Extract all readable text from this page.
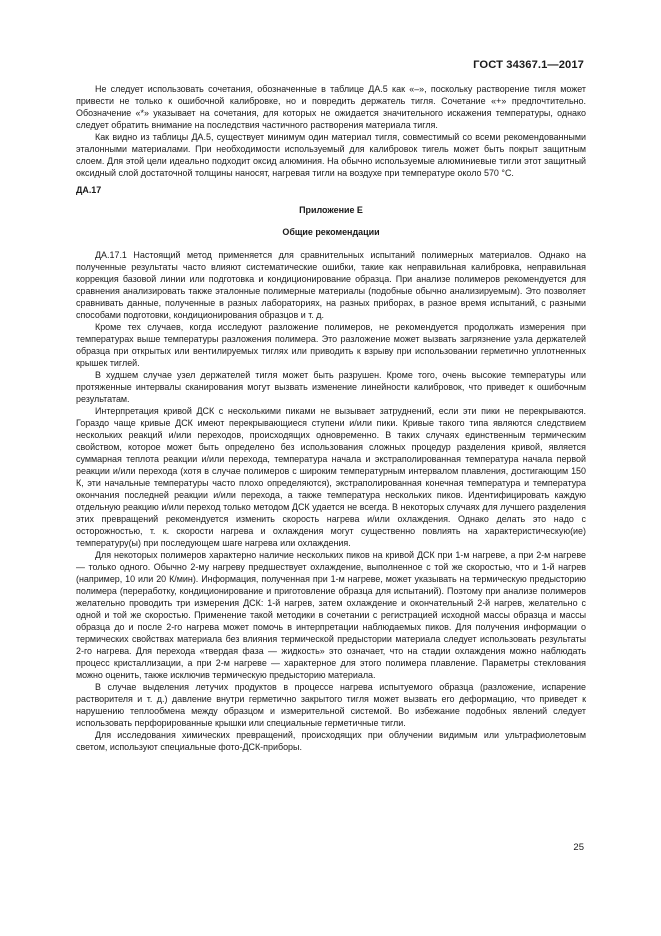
ГОСТ 34367.1—2017

Не следует использовать сочетания, обозначенные в таблице ДА.5 как «–», поскольку растворение тигля может привести не только к ошибочной калибровке, но и повредить держатель тигля. Сочетание «+» предпочтительно. Обозначение «*» указывает на сочетания, для которых не ожидается значительного искажения температуры, однако следует обратить внимание на последствия частичного растворения материала тигля.

Как видно из таблицы ДА.5, существует минимум один материал тигля, совместимый со всеми рекомендованными эталонными материалами. При необходимости используемый для калибровок тигель может быть покрыт защитным слоем. Для этой цели идеально подходит оксид алюминия. На обычно используемые алюминиевые тигли этот защитный оксидный слой достаточной толщины наносят, нагревая тигли на воздухе при температуре около 570 °С.

ДА.17

Приложение Е

Общие рекомендации

ДА.17.1 Настоящий метод применяется для сравнительных испытаний полимерных материалов. Однако на полученные результаты часто влияют систематические ошибки, такие как неправильная калибровка, неправильная коррекция базовой линии или подготовка и кондиционирование образца. При анализе полимеров рекомендуется для сравнения анализировать также эталонные полимерные материалы (подобные обычно анализируемым). Это позволяет сравнивать данные, полученные в разных лабораториях, на разных приборах, в разное время испытаний, с разными способами подготовки, кондиционирования образцов и т. д.

Кроме тех случаев, когда исследуют разложение полимеров, не рекомендуется продолжать измерения при температурах выше температуры разложения полимера. Это разложение может вызвать загрязнение узла держателей образца при открытых или вентилируемых тиглях или приводить к взрыву при использовании герметично уплотненных крышек тиглей.

В худшем случае узел держателей тигля может быть разрушен. Кроме того, очень высокие температуры или протяженные интервалы сканирования могут вызвать изменение линейности калибровок, что приведет к ошибочным результатам.

Интерпретация кривой ДСК с несколькими пиками не вызывает затруднений, если эти пики не перекрываются. Гораздо чаще кривые ДСК имеют перекрывающиеся ступени и/или пики. Кривые такого типа являются следствием нескольких реакций и/или переходов, происходящих одновременно. В таких случаях единственным термическим свойством, которое может быть определено без использования сложных процедур разделения кривой, является суммарная теплота реакции и/или перехода, температура начала и экстраполированная температура начала первой реакции и/или перехода (хотя в случае полимеров с широким температурным интервалом плавления, достигающим 150 К, эти начальные температуры часто плохо определяются), экстраполированная конечная температура и температура окончания последней реакции и/или перехода, а также температура нескольких пиков. Идентифицировать каждую отдельную реакцию и/или переход только методом ДСК удается не всегда. В некоторых случаях для лучшего разделения этих превращений рекомендуется изменить скорость нагрева и/или охлаждения. Однако делать это надо с осторожностью, т. к. скорости нагрева и охлаждения могут существенно повлиять на характеристическую(ие) температуру(ы) при последующем шаге нагрева или охлаждения.

Для некоторых полимеров характерно наличие нескольких пиков на кривой ДСК при 1-м нагреве, а при 2-м нагреве — только одного. Обычно 2-му нагреву предшествует охлаждение, выполненное с той же скоростью, что и 1-й нагрев (например, 10 или 20 К/мин). Информация, полученная при 1-м нагреве, может указывать на термическую предысторию полимера (переработку, кондиционирование и приготовление образца для испытаний). Поэтому при анализе полимеров желательно проводить три измерения ДСК: 1-й нагрев, затем охлаждение и окончательный 2-й нагрев, желательно с одной и той же скоростью. Применение такой методики в сочетании с регистрацией исходной массы образца и массы образца до и после 2-го нагрева может помочь в интерпретации наблюдаемых пиков. Для получения информации о термических свойствах материала без влияния термической предыстории материала следует использовать результаты 2-го нагрева. Для перехода «твердая фаза — жидкость» это означает, что на стадии охлаждения можно наблюдать процесс кристаллизации, а при 2-м нагреве — характерное для этого полимера плавление. Параметры стеклования можно оценить, также исключив термическую предысторию материала.

В случае выделения летучих продуктов в процессе нагрева испытуемого образца (разложение, испарение растворителя и т. д.) давление внутри герметично закрытого тигля может вызвать его деформацию, что приведет к нарушению теплообмена между образцом и измерительной системой. Во избежание подобных явлений следует использовать перфорированные крышки или специальные герметичные тигли.

Для исследования химических превращений, происходящих при облучении видимым или ультрафиолетовым светом, используют специальные фото-ДСК-приборы.

25
